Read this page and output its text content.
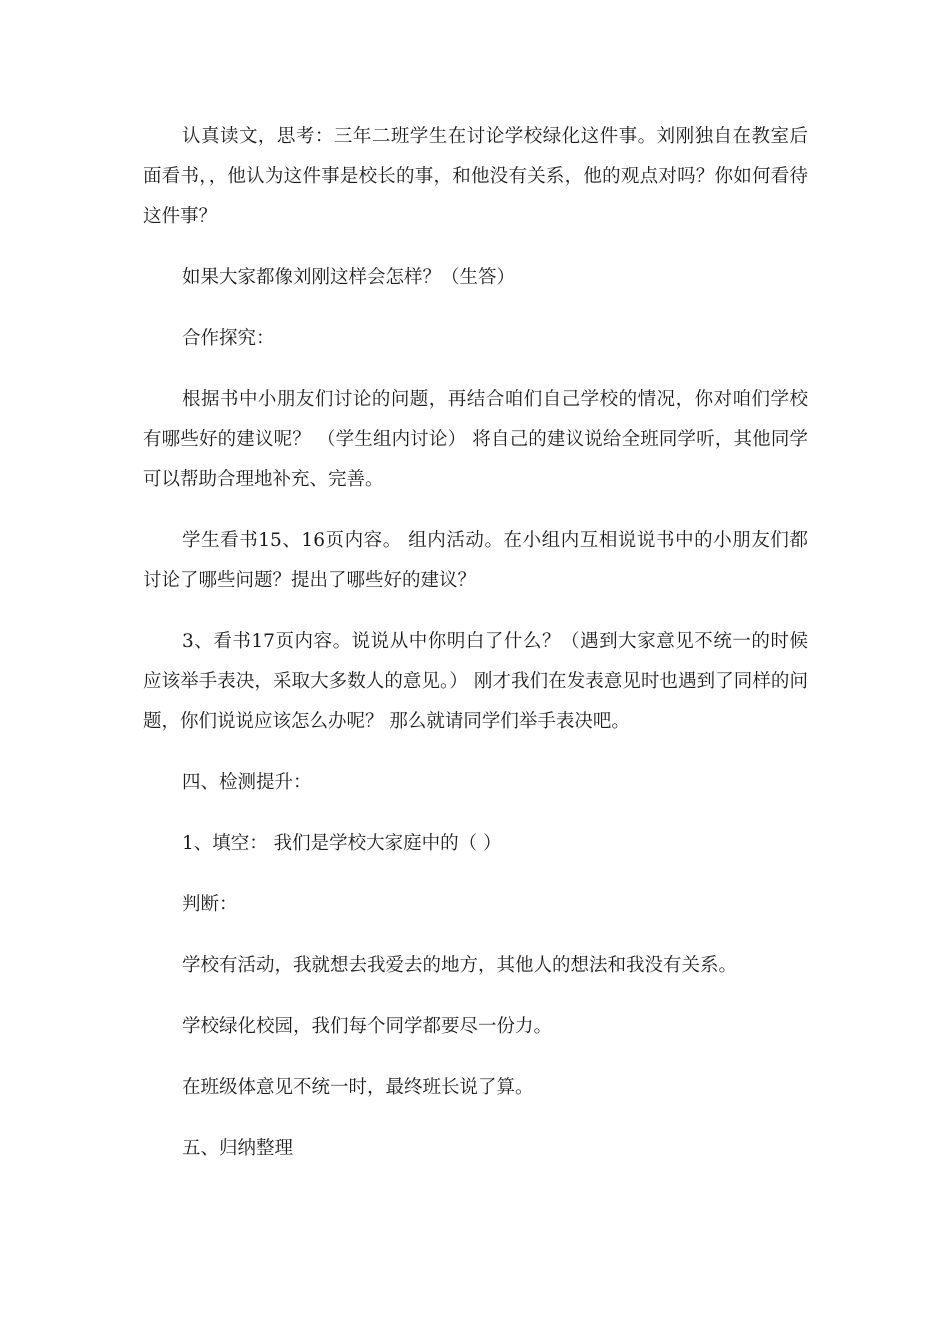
认真读文，思考：三年二班学生在讨论学校绿化这件事。刘刚独自在教室后面看书，，他认为这件事是校长的事，和他没有关系，他的观点对吗？你如何看待这件事？

如果大家都像刘刚这样会怎样？（生答）

合作探究：

根据书中小朋友们讨论的问题，再结合咱们自己学校的情况，你对咱们学校有哪些好的建议呢？ （学生组内讨论） 将自己的建议说给全班同学听，其他同学可以帮助合理地补充、完善。

学生看书15、16页内容。 组内活动。在小组内互相说说书中的小朋友们都讨论了哪些问题？提出了哪些好的建议？

3、看书17页内容。说说从中你明白了什么？（遇到大家意见不统一的时候应该举手表决，采取大多数人的意见。） 刚才我们在发表意见时也遇到了同样的问题，你们说说应该怎么办呢？ 那么就请同学们举手表决吧。

四、检测提升：

1、填空： 我们是学校大家庭中的（ ）

判断：

学校有活动，我就想去我爱去的地方，其他人的想法和我没有关系。

学校绿化校园，我们每个同学都要尽一份力。

在班级体意见不统一时，最终班长说了算。

五、归纳整理
